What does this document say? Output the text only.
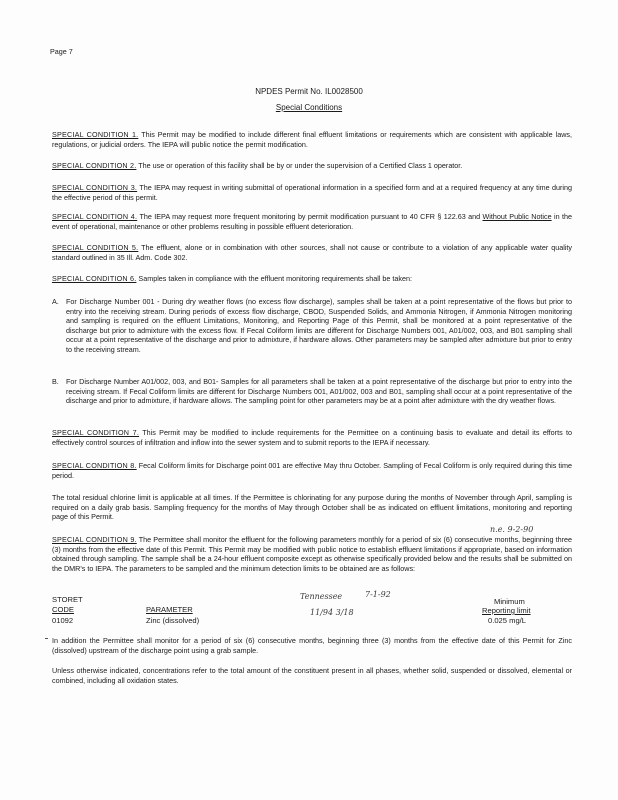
Page 7
NPDES Permit No. IL0028500
Special Conditions
SPECIAL CONDITION 1. This Permit may be modified to include different final effluent limitations or requirements which are consistent with applicable laws, regulations, or judicial orders. The IEPA will public notice the permit modification.
SPECIAL CONDITION 2. The use or operation of this facility shall be by or under the supervision of a Certified Class 1 operator.
SPECIAL CONDITION 3. The IEPA may request in writing submittal of operational information in a specified form and at a required frequency at any time during the effective period of this permit.
SPECIAL CONDITION 4. The IEPA may request more frequent monitoring by permit modification pursuant to 40 CFR § 122.63 and Without Public Notice in the event of operational, maintenance or other problems resulting in possible effluent deterioration.
SPECIAL CONDITION 5. The effluent, alone or in combination with other sources, shall not cause or contribute to a violation of any applicable water quality standard outlined in 35 Ill. Adm. Code 302.
SPECIAL CONDITION 6. Samples taken in compliance with the effluent monitoring requirements shall be taken:
A. For Discharge Number 001 - During dry weather flows (no excess flow discharge), samples shall be taken at a point representative of the flows but prior to entry into the receiving stream. During periods of excess flow discharge, CBOD, Suspended Solids, and Ammonia Nitrogen, if Ammonia Nitrogen monitoring and sampling is required on the effluent Limitations, Monitoring, and Reporting Page of this Permit, shall be monitored at a point representative of the discharge but prior to admixture with the excess flow. If Fecal Coliform limits are different for Discharge Numbers 001, A01/002, 003, and B01 sampling shall occur at a point representative of the discharge and prior to admixture, if hardware allows. Other parameters may be sampled after admixture but prior to entry to the receiving stream.
B. For Discharge Number A01/002, 003, and B01- Samples for all parameters shall be taken at a point representative of the discharge but prior to entry into the receiving stream. If Fecal Coliform limits are different for Discharge Numbers 001, A01/002, 003 and B01, sampling shall occur at a point representative of the discharge and prior to admixture, if hardware allows. The sampling point for other parameters may be at a point after admixture with the dry weather flows.
SPECIAL CONDITION 7. This Permit may be modified to include requirements for the Permittee on a continuing basis to evaluate and detail its efforts to effectively control sources of infiltration and inflow into the sewer system and to submit reports to the IEPA if necessary.
SPECIAL CONDITION 8. Fecal Coliform limits for Discharge point 001 are effective May thru October. Sampling of Fecal Coliform is only required during this time period.
The total residual chlorine limit is applicable at all times. If the Permittee is chlorinating for any purpose during the months of November through April, sampling is required on a daily grab basis. Sampling frequency for the months of May through October shall be as indicated on effluent limitations, monitoring and reporting page of this Permit.
n.e. 9-2-90
SPECIAL CONDITION 9. The Permittee shall monitor the effluent for the following parameters monthly for a period of six (6) consecutive months, beginning three (3) months from the effective date of this Permit. This Permit may be modified with public notice to establish effluent limitations if appropriate, based on information obtained through sampling. The sample shall be a 24-hour effluent composite except as otherwise specifically provided below and the results shall be submitted on the DMR's to IEPA. The parameters to be sampled and the minimum detection limits to be obtained are as follows:
Tennessee	7-1-92
11/94 3/18
STORET
CODE	PARAMETER
Minimum
Reporting limit
01092	Zinc (dissolved)	0.025 mg/L
In addition the Permittee shall monitor for a period of six (6) consecutive months, beginning three (3) months from the effective date of this Permit for Zinc (dissolved) upstream of the discharge point using a grab sample.
Unless otherwise indicated, concentrations refer to the total amount of the constituent present in all phases, whether solid, suspended or dissolved, elemental or combined, including all oxidation states.
